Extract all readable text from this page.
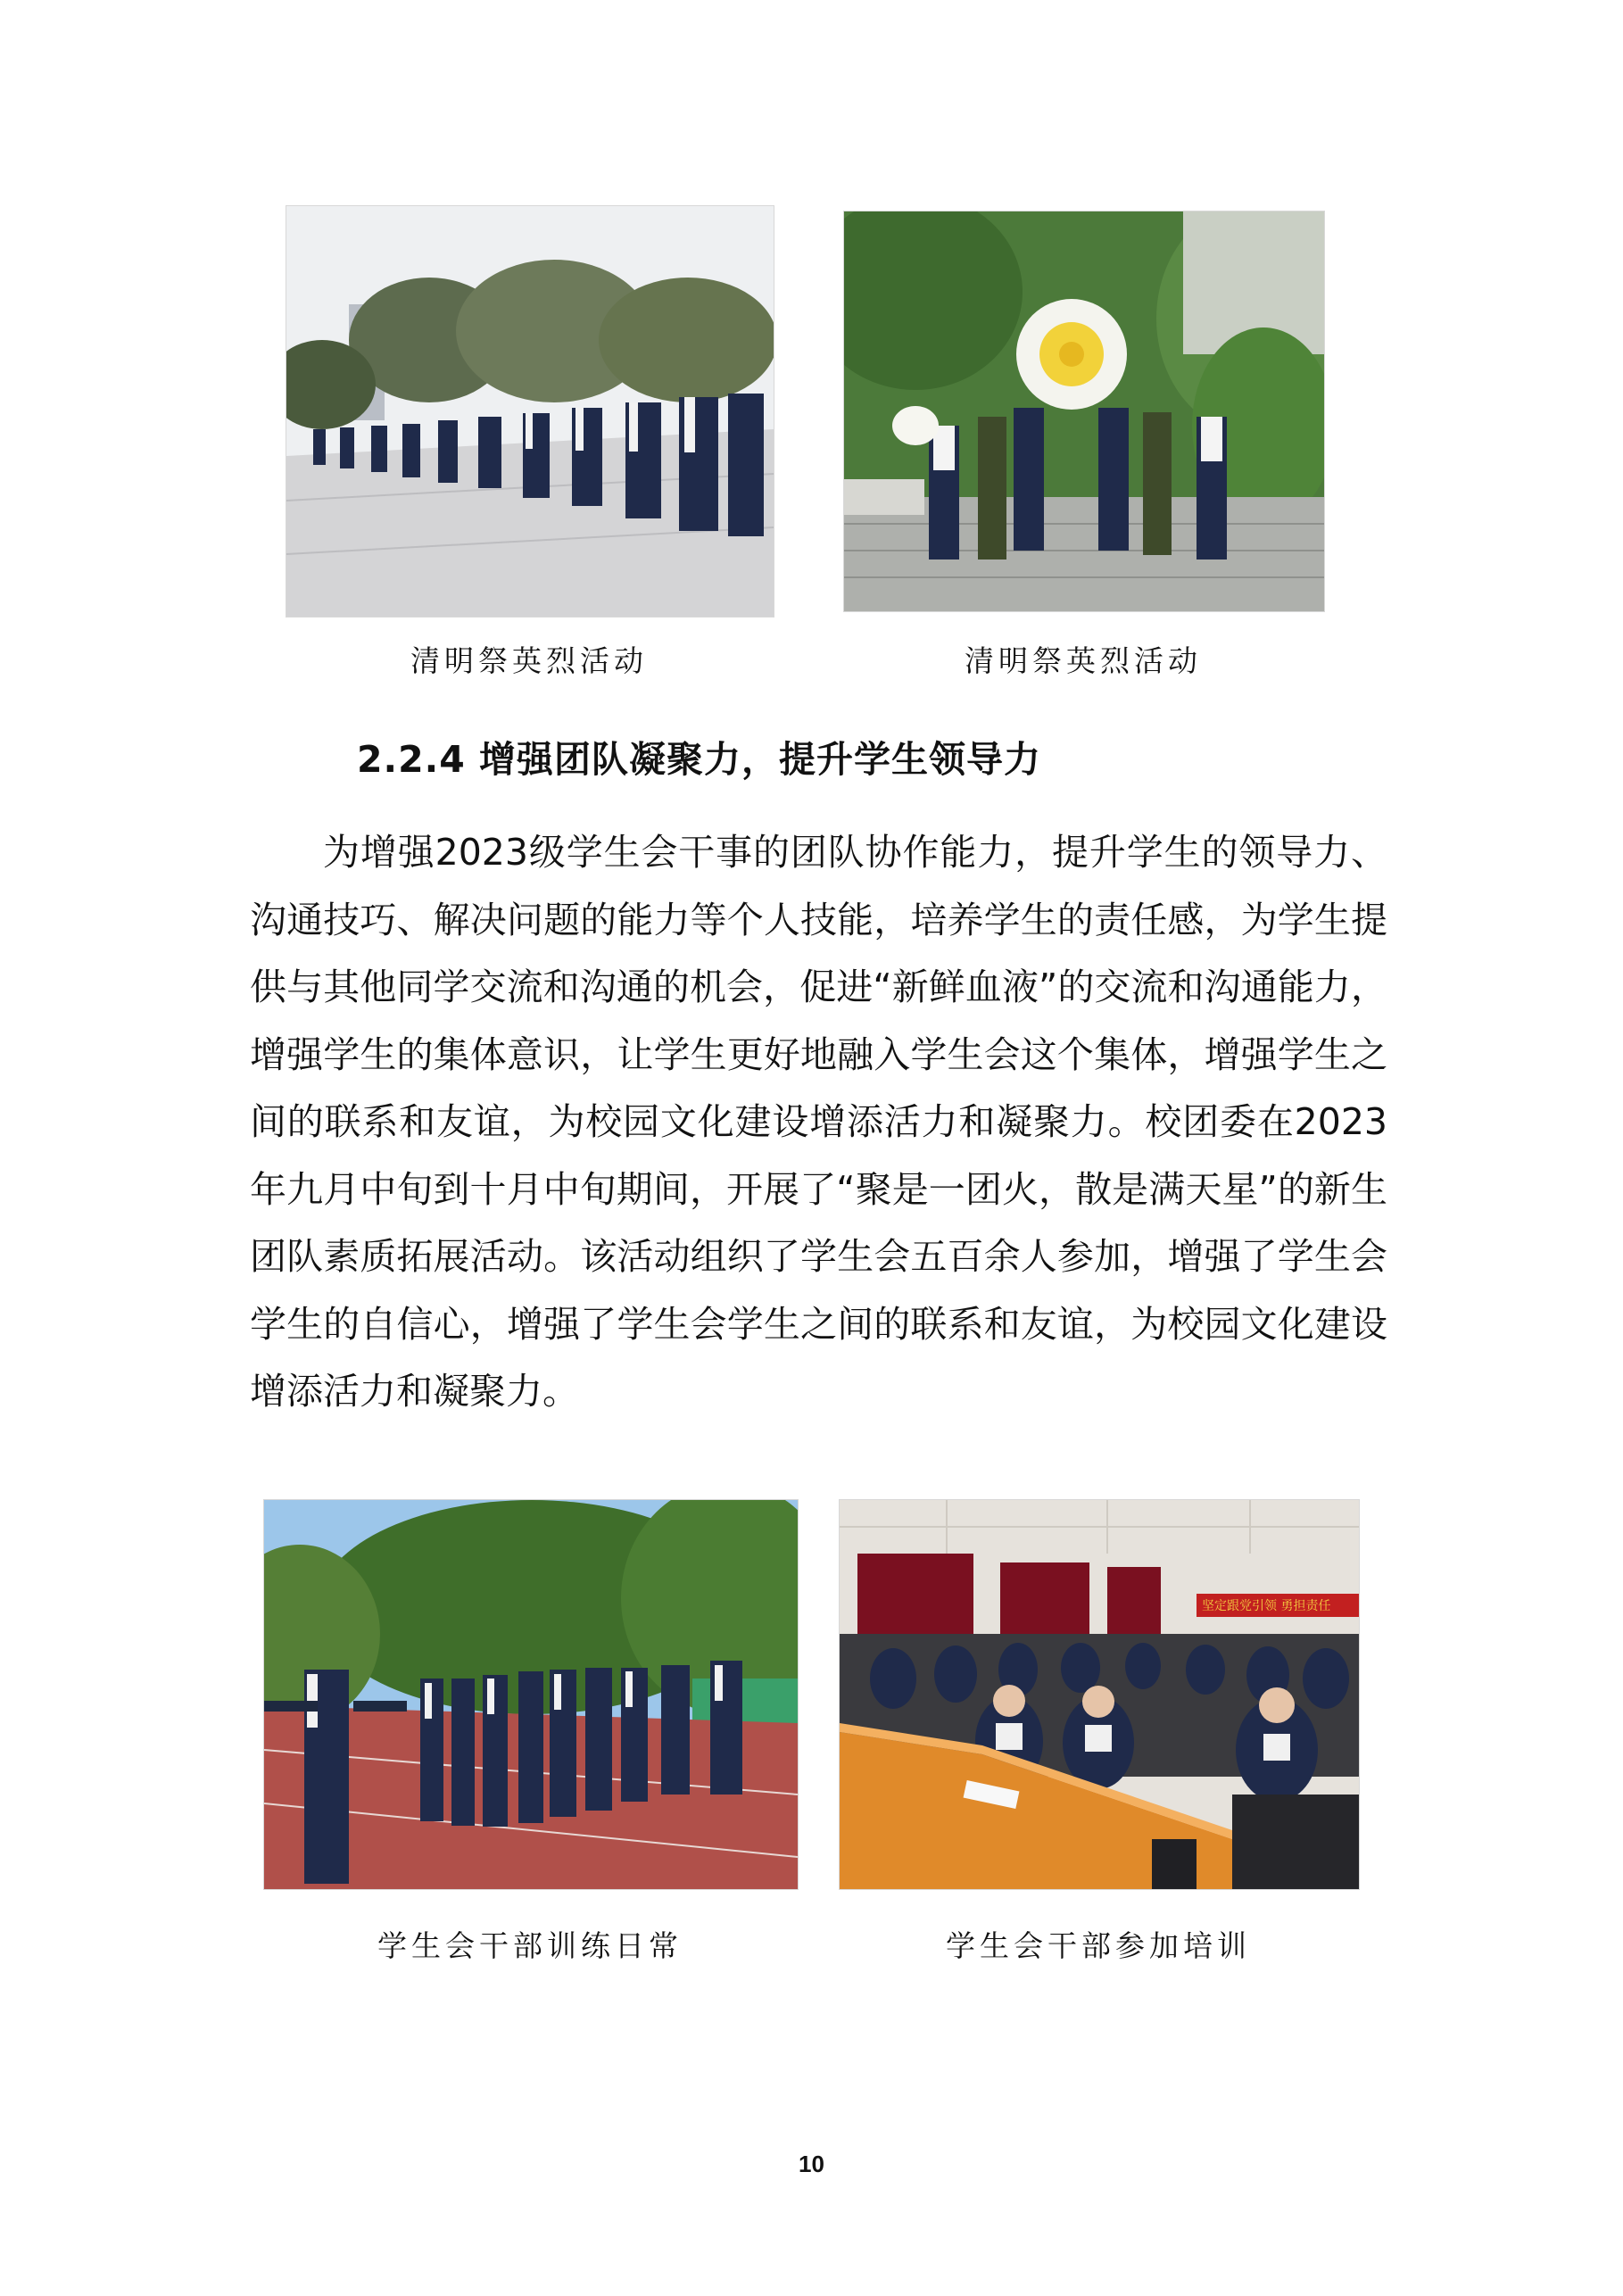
清明祭英烈活动	清明祭英烈活动
2.2.4 增强团队凝聚力，提升学生领导力

为增强2023级学生会干事的团队协作能力，提升学生的领导力、沟通技巧、解决问题的能力等个人技能，培养学生的责任感，为学生提供与其他同学交流和沟通的机会，促进“新鲜血液”的交流和沟通能力，增强学生的集体意识，让学生更好地融入学生会这个集体，增强学生之间的联系和友谊，为校园文化建设增添活力和凝聚力。校团委在2023年九月中旬到十月中旬期间，开展了“聚是一团火，散是满天星”的新生团队素质拓展活动。该活动组织了学生会五百余人参加，增强了学生会学生的自信心，增强了学生会学生之间的联系和友谊，为校园文化建设增添活力和凝聚力。

学生会干部训练日常
坚定跟党引领 勇担责任
学生会干部参加培训
10
